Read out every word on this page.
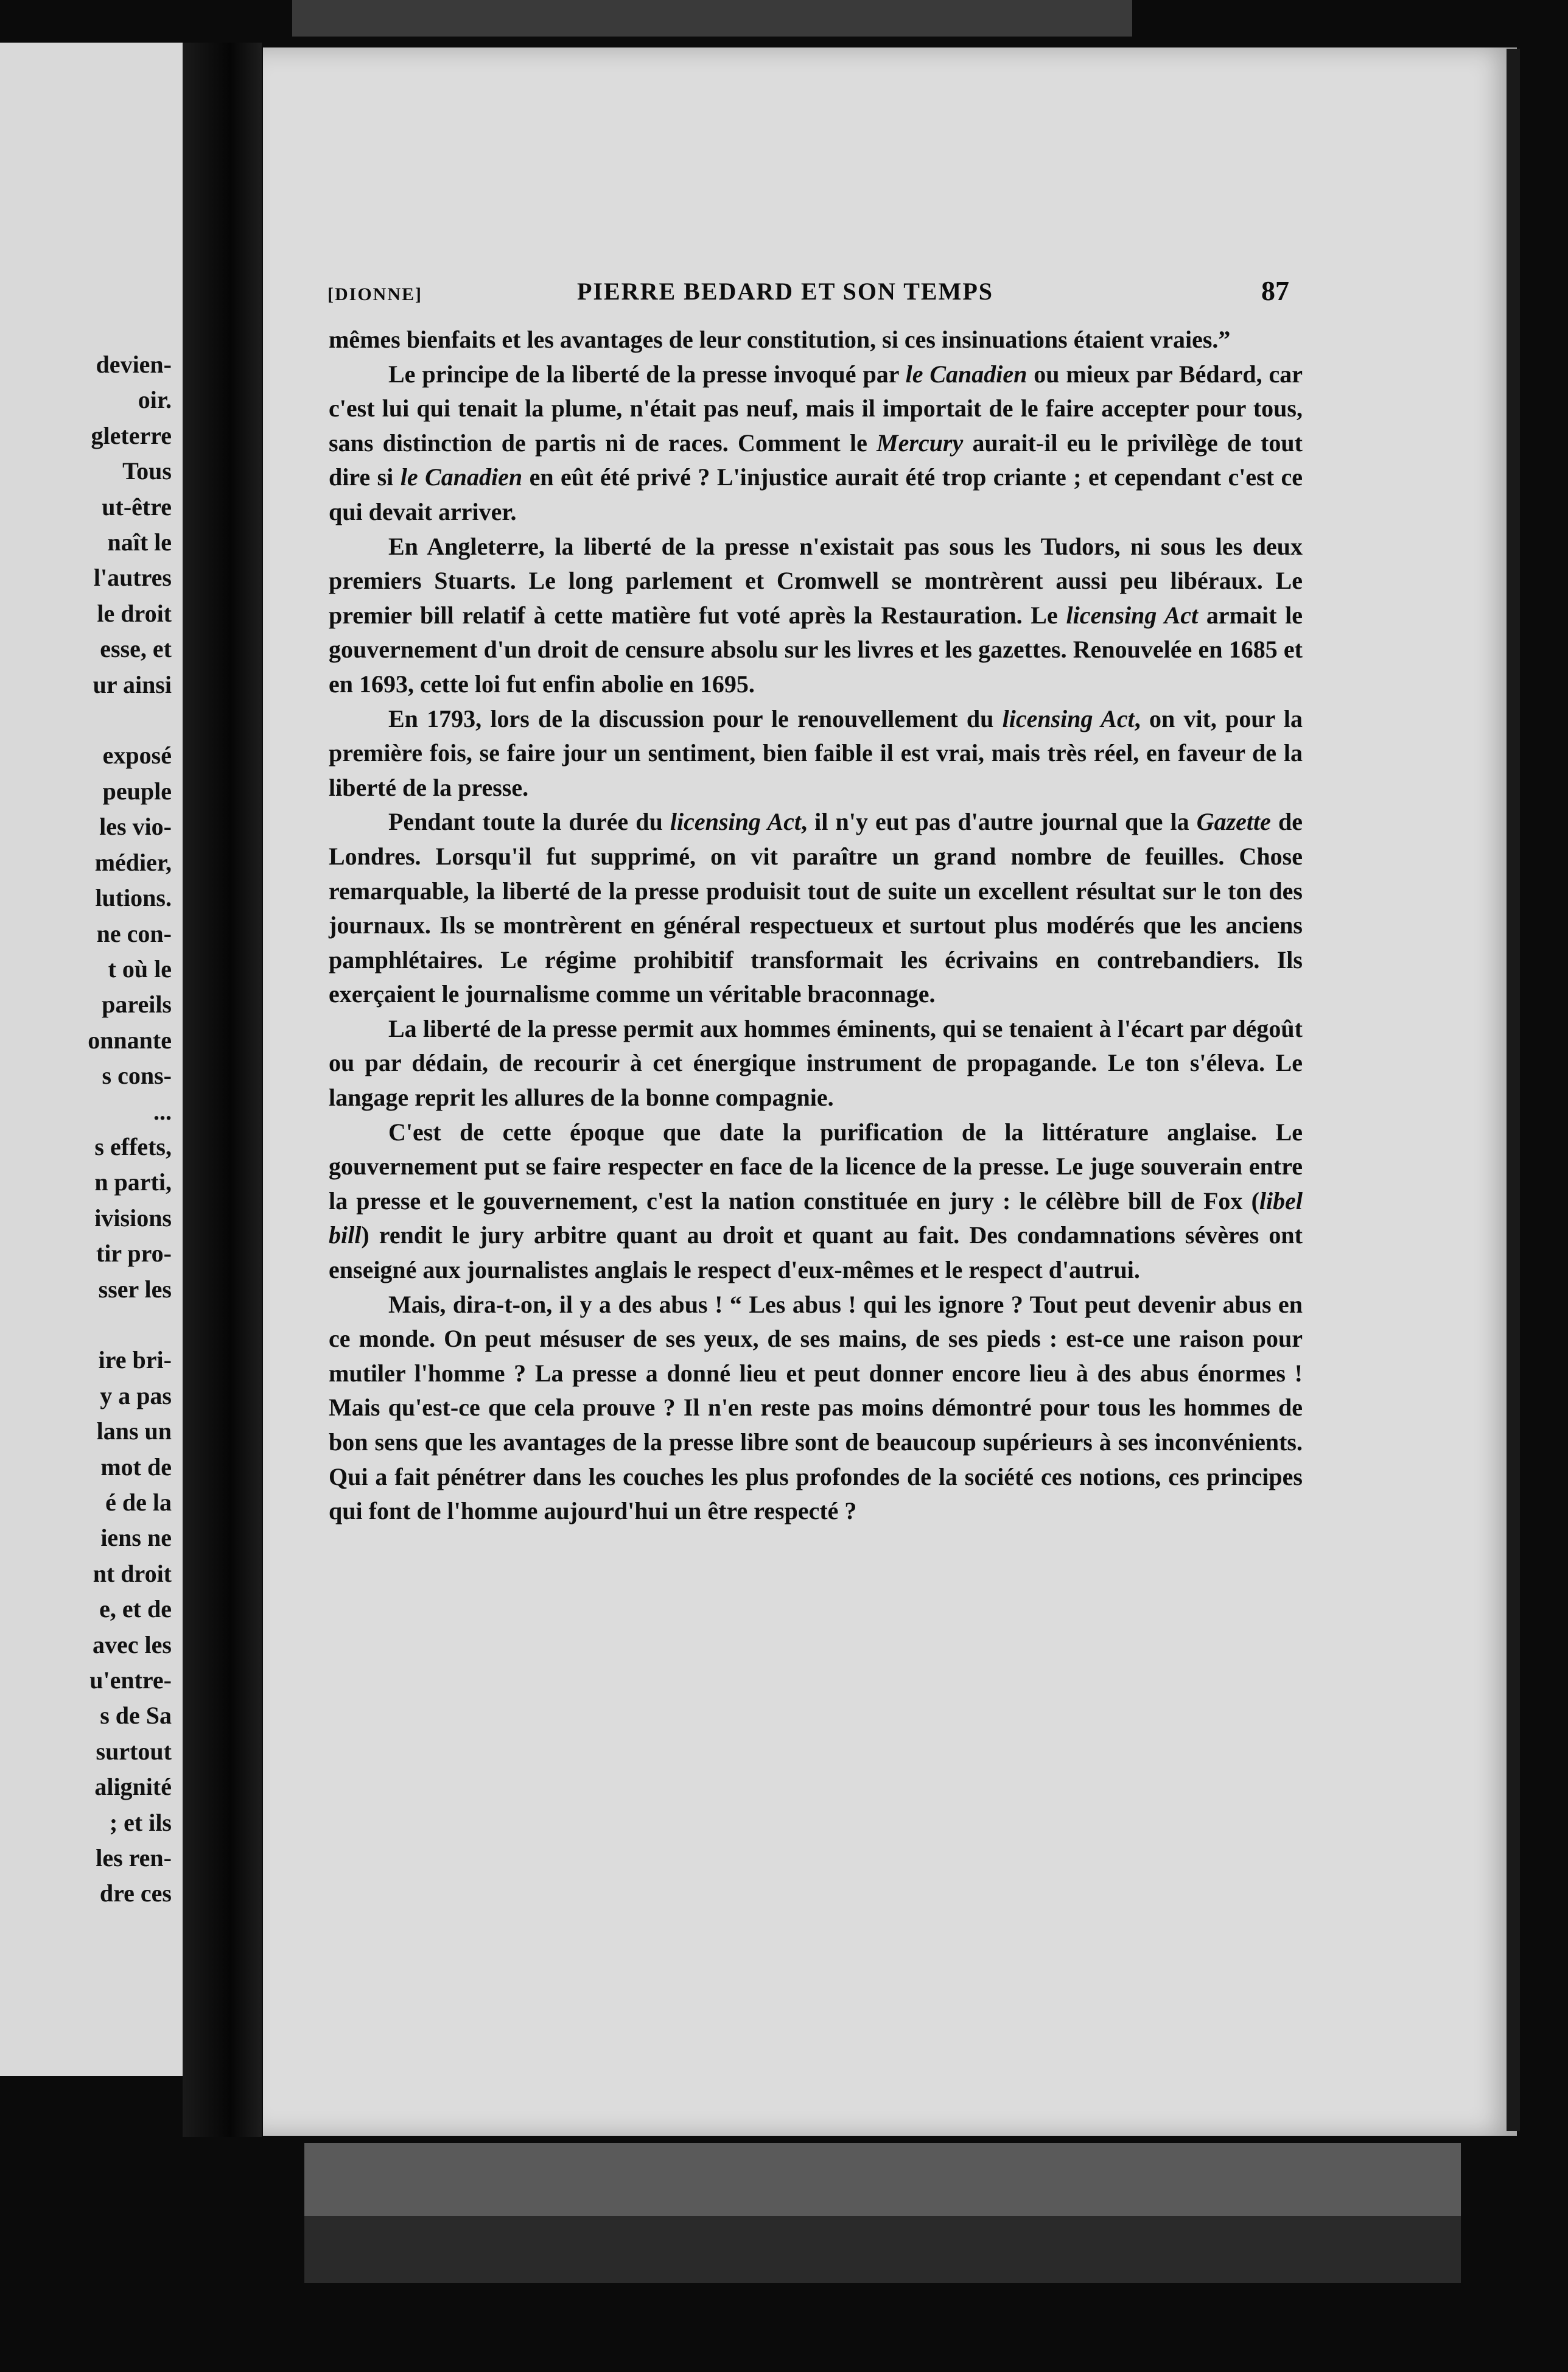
devien-
oir.
gleterre
Tous
ut-être
naît le
l'autres
le droit
esse, et
ur ainsi

exposé
peuple
les vio-
médier,
lutions.
ne con-
t où le
pareils
onnante
s cons-
...
s effets,
n parti,
ivisions
tir pro-
sser les

ire bri-
y a pas
lans un
mot de
é de la
iens ne
nt droit
e, et de
avec les
u'entre-
s de Sa
surtout
alignité
; et ils
les ren-
dre ces
[DIONNE]	PIERRE BEDARD ET SON TEMPS	87

mêmes bienfaits et les avantages de leur constitution, si ces insinuations étaient vraies.”

Le principe de la liberté de la presse invoqué par le Canadien ou mieux par Bédard, car c'est lui qui tenait la plume, n'était pas neuf, mais il importait de le faire accepter pour tous, sans distinction de partis ni de races. Comment le Mercury aurait-il eu le privilège de tout dire si le Canadien en eût été privé ? L'injustice aurait été trop criante ; et cependant c'est ce qui devait arriver.

En Angleterre, la liberté de la presse n'existait pas sous les Tudors, ni sous les deux premiers Stuarts. Le long parlement et Cromwell se montrèrent aussi peu libéraux. Le premier bill relatif à cette matière fut voté après la Restauration. Le licensing Act armait le gouvernement d'un droit de censure absolu sur les livres et les gazettes. Renouvelée en 1685 et en 1693, cette loi fut enfin abolie en 1695.

En 1793, lors de la discussion pour le renouvellement du licensing Act, on vit, pour la première fois, se faire jour un sentiment, bien faible il est vrai, mais très réel, en faveur de la liberté de la presse.

Pendant toute la durée du licensing Act, il n'y eut pas d'autre journal que la Gazette de Londres. Lorsqu'il fut supprimé, on vit paraître un grand nombre de feuilles. Chose remarquable, la liberté de la presse produisit tout de suite un excellent résultat sur le ton des journaux. Ils se montrèrent en général respectueux et surtout plus modérés que les anciens pamphlétaires. Le régime prohibitif transformait les écrivains en contrebandiers. Ils exerçaient le journalisme comme un véritable braconnage.

La liberté de la presse permit aux hommes éminents, qui se tenaient à l'écart par dégoût ou par dédain, de recourir à cet énergique instrument de propagande. Le ton s'éleva. Le langage reprit les allures de la bonne compagnie.

C'est de cette époque que date la purification de la littérature anglaise. Le gouvernement put se faire respecter en face de la licence de la presse. Le juge souverain entre la presse et le gouvernement, c'est la nation constituée en jury : le célèbre bill de Fox (libel bill) rendit le jury arbitre quant au droit et quant au fait. Des condamnations sévères ont enseigné aux journalistes anglais le respect d'eux-mêmes et le respect d'autrui.

Mais, dira-t-on, il y a des abus ! “ Les abus ! qui les ignore ? Tout peut devenir abus en ce monde. On peut mésuser de ses yeux, de ses mains, de ses pieds : est-ce une raison pour mutiler l'homme ? La presse a donné lieu et peut donner encore lieu à des abus énormes ! Mais qu'est-ce que cela prouve ? Il n'en reste pas moins démontré pour tous les hommes de bon sens que les avantages de la presse libre sont de beaucoup supérieurs à ses inconvénients. Qui a fait pénétrer dans les couches les plus profondes de la société ces notions, ces principes qui font de l'homme aujourd'hui un être respecté ?
